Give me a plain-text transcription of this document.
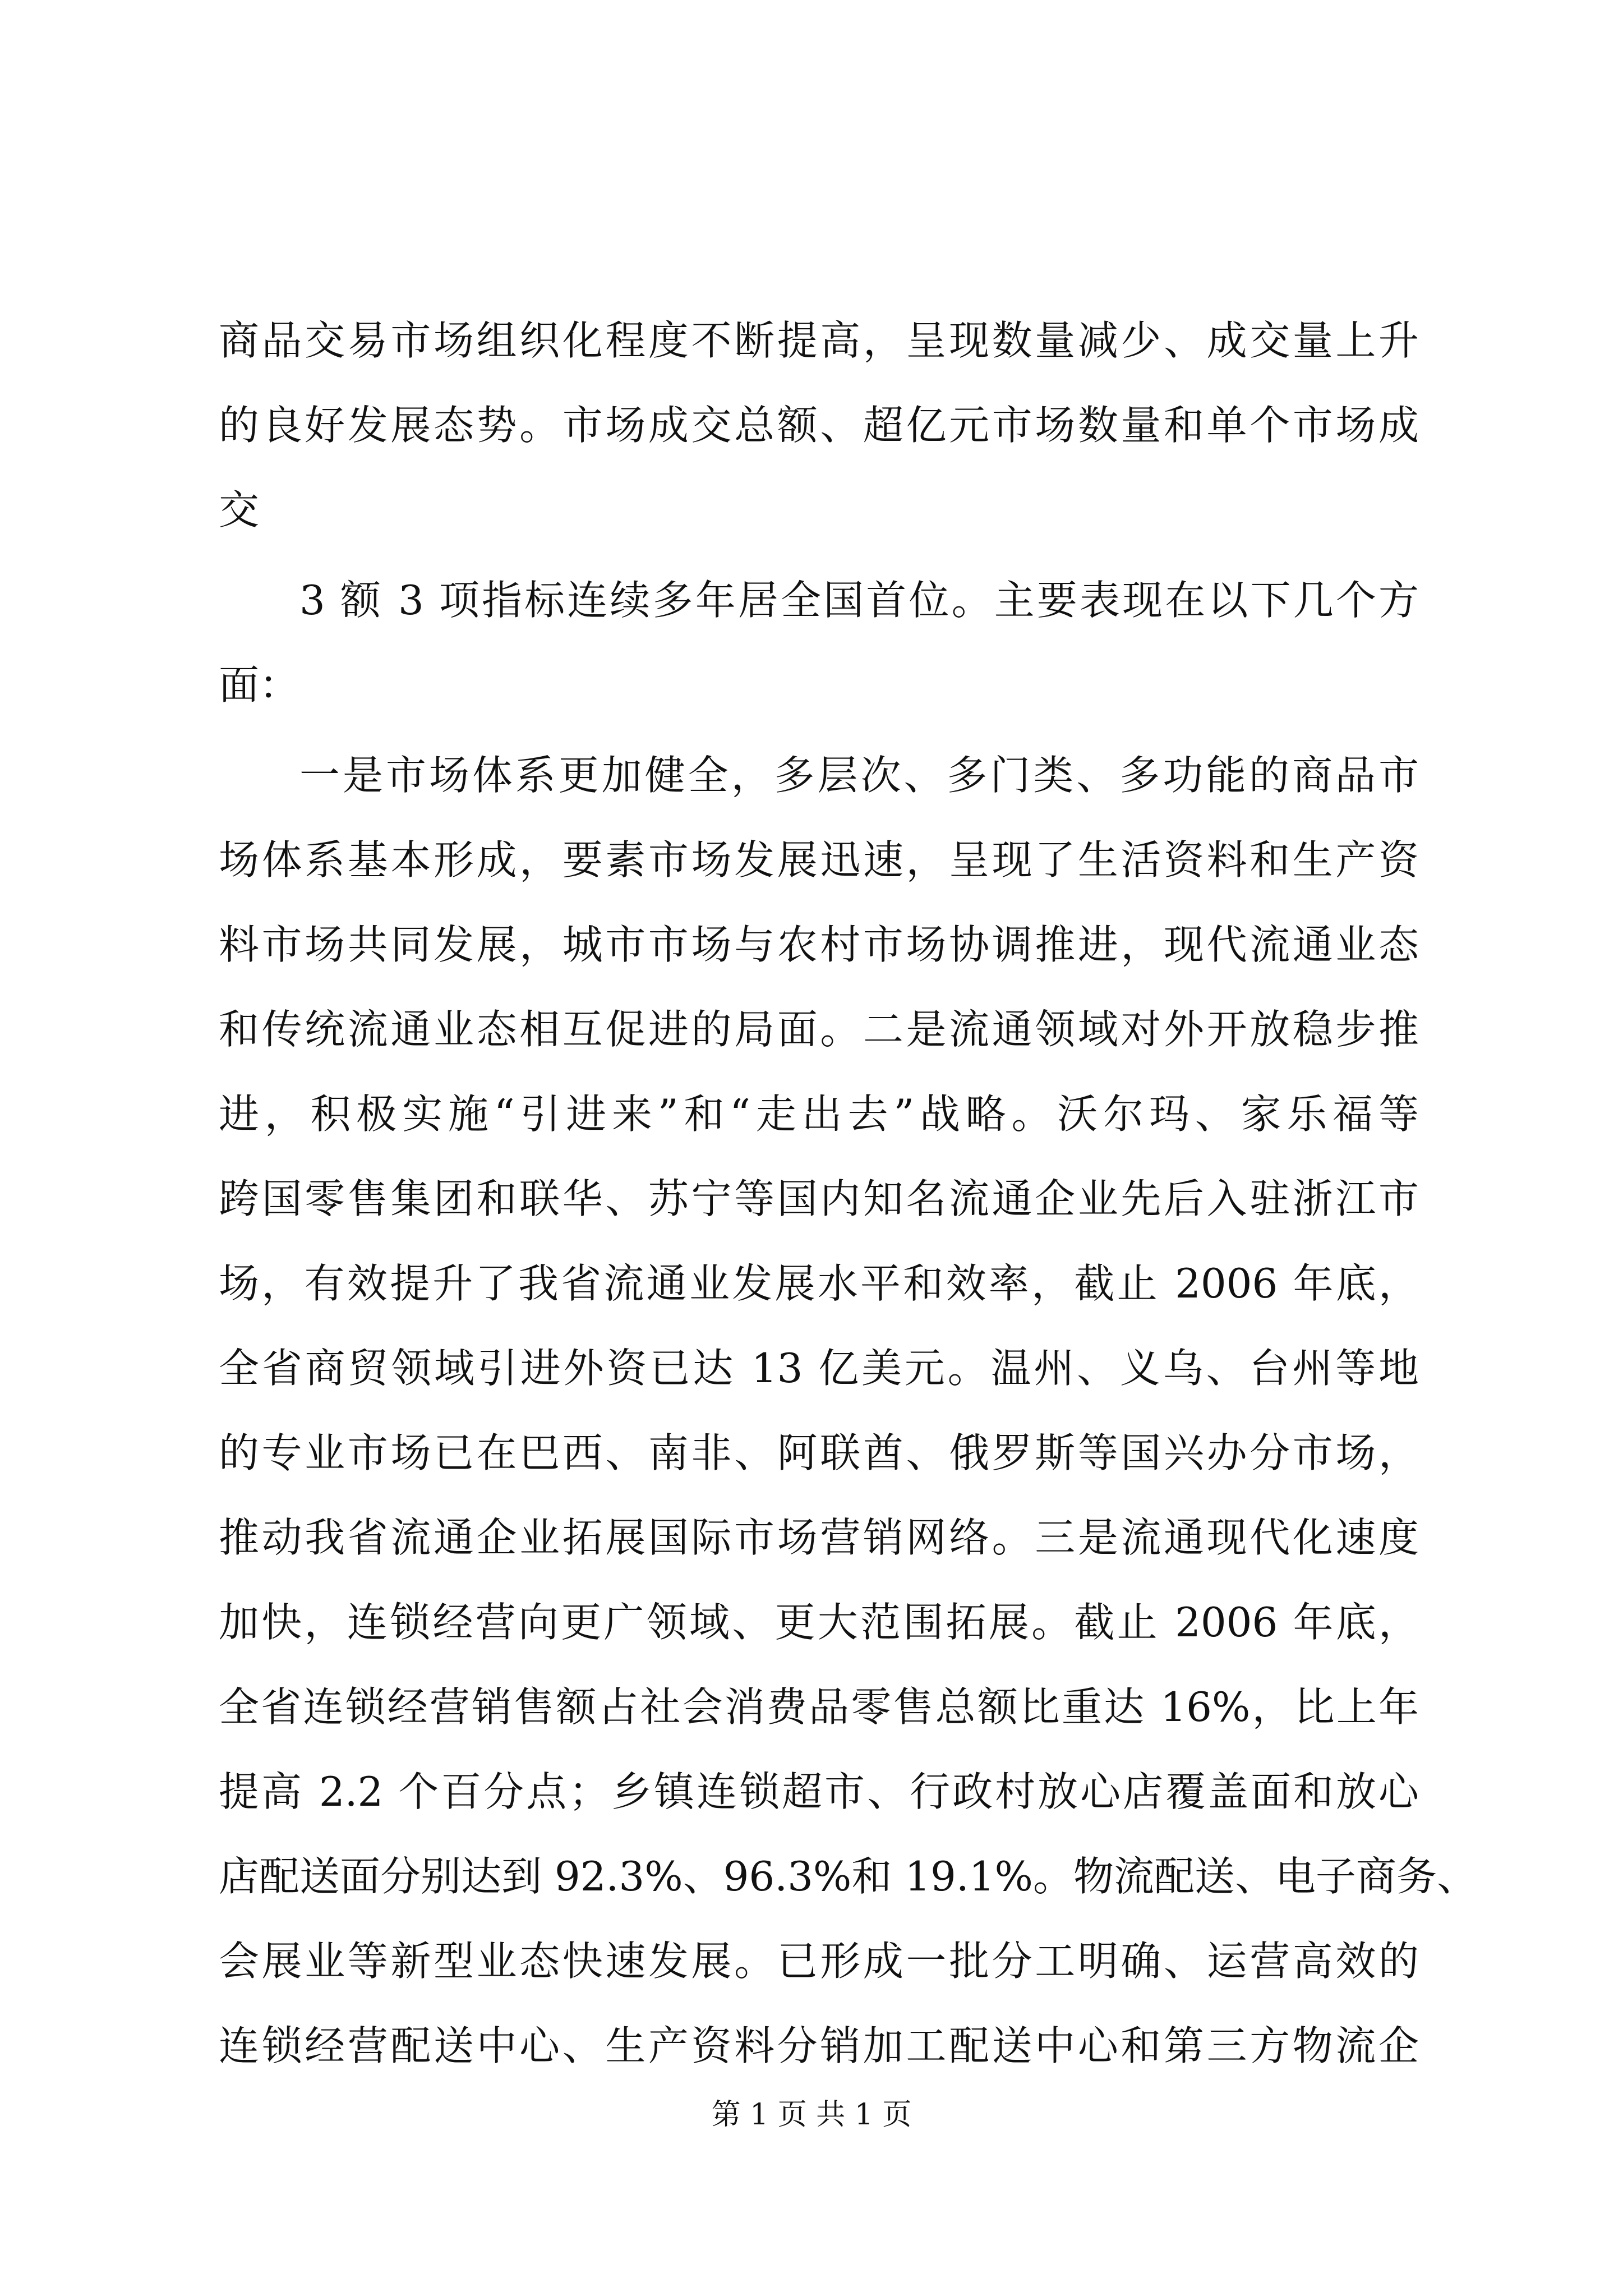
商品交易市场组织化程度不断提高，呈现数量减少、成交量上升
的良好发展态势。市场成交总额、超亿元市场数量和单个市场成
交
3 额 3 项指标连续多年居全国首位。主要表现在以下几个方
面：
一是市场体系更加健全，多层次、多门类、多功能的商品市
场体系基本形成，要素市场发展迅速，呈现了生活资料和生产资
料市场共同发展，城市市场与农村市场协调推进，现代流通业态
和传统流通业态相互促进的局面。二是流通领域对外开放稳步推
进，积极实施“引进来”和“走出去”战略。沃尔玛、家乐福等
跨国零售集团和联华、苏宁等国内知名流通企业先后入驻浙江市
场，有效提升了我省流通业发展水平和效率，截止 2006 年底，
全省商贸领域引进外资已达 13 亿美元。温州、义乌、台州等地
的专业市场已在巴西、南非、阿联酋、俄罗斯等国兴办分市场，
推动我省流通企业拓展国际市场营销网络。三是流通现代化速度
加快，连锁经营向更广领域、更大范围拓展。截止 2006 年底，
全省连锁经营销售额占社会消费品零售总额比重达 16%，比上年
提高 2.2 个百分点；乡镇连锁超市、行政村放心店覆盖面和放心
店配送面分别达到 92.3%、96.3%和 19.1%。物流配送、电子商务、
会展业等新型业态快速发展。已形成一批分工明确、运营高效的
连锁经营配送中心、生产资料分销加工配送中心和第三方物流企
第 1 页 共 1 页
